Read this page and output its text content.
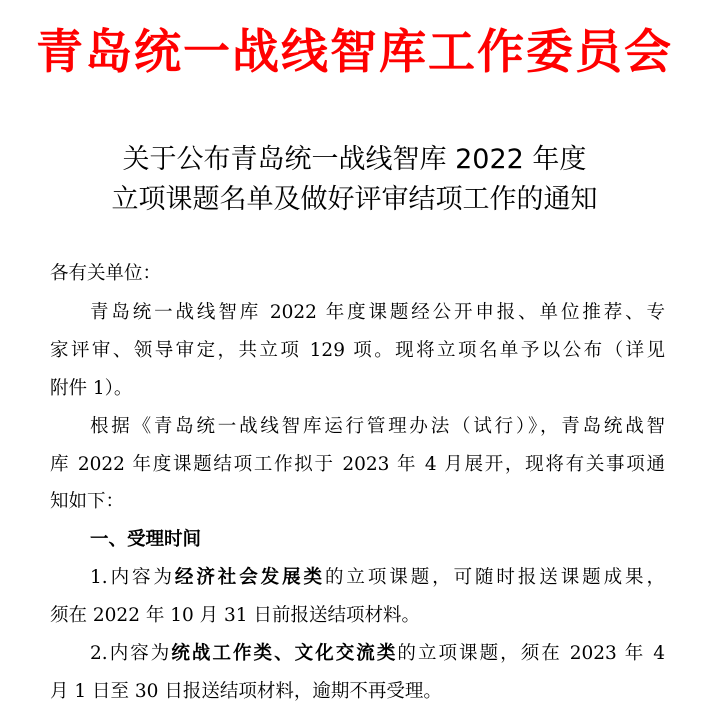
青岛统一战线智库工作委员会
关于公布青岛统一战线智库 2022 年度
立项课题名单及做好评审结项工作的通知
各有关单位：
青岛统一战线智库 2022 年度课题经公开申报、单位推荐、专
家评审、领导审定，共立项 129 项。现将立项名单予以公布（详见
附件 1）。
根据《青岛统一战线智库运行管理办法（试行）》，青岛统战智
库 2022 年度课题结项工作拟于 2023 年 4 月展开，现将有关事项通
知如下：
一、受理时间
1.内容为经济社会发展类的立项课题，可随时报送课题成果，
须在 2022 年 10 月 31 日前报送结项材料。
2.内容为统战工作类、文化交流类的立项课题，须在 2023 年 4
月 1 日至 30 日报送结项材料，逾期不再受理。
